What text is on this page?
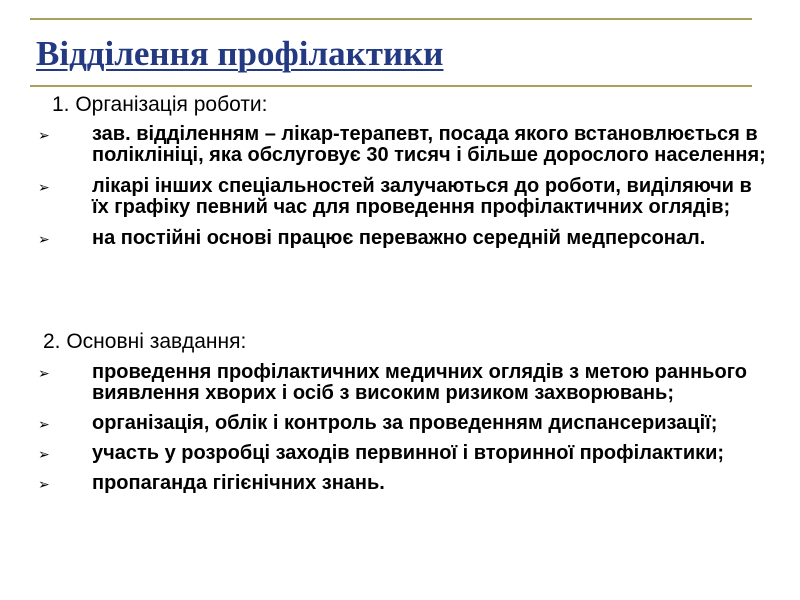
Відділення профілактики
1. Організація роботи:
➢ зав. відділенням – лікар-терапевт, посада якого встановлюється в поліклініці, яка обслуговує 30 тисяч і більше дорослого населення;
➢ лікарі інших спеціальностей залучаються до роботи, виділяючи в їх графіку певний час для проведення профілактичних оглядів;
➢ на постійні основі працює переважно середній медперсонал.
2. Основні завдання:
➢ проведення профілактичних медичних оглядів з метою раннього виявлення хворих і осіб з високим ризиком захворювань;
➢ організація, облік і контроль за проведенням диспансеризації;
➢ участь у розробці заходів первинної і вторинної профілактики;
➢ пропаганда гігієнічних знань.
